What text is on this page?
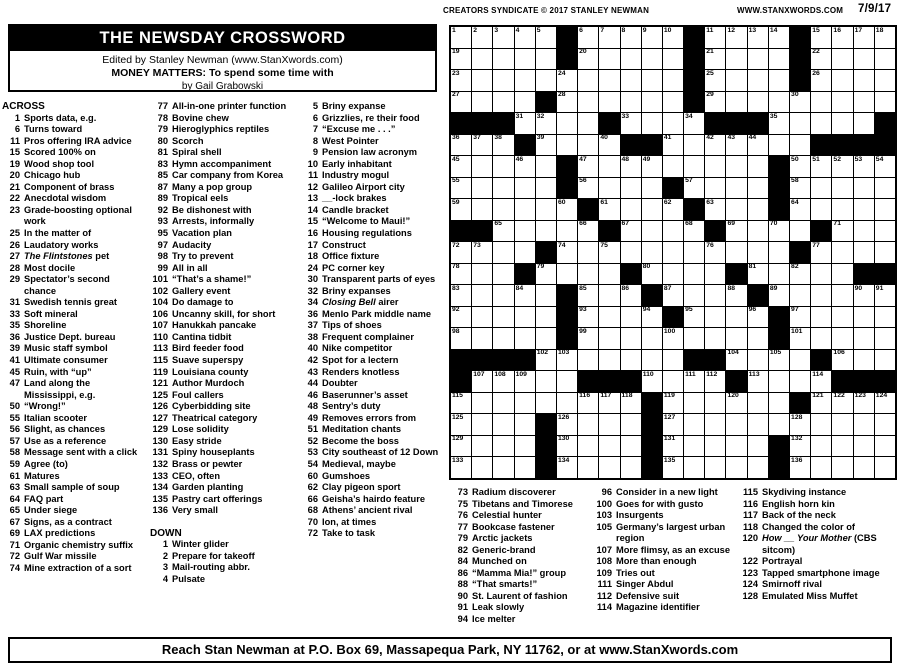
CREATORS SYNDICATE © 2017 STANLEY NEWMAN	WWW.STANXWORDS.COM 7/9/17
THE NEWSDAY CROSSWORD
Edited by Stanley Newman (www.StanXwords.com)
MONEY MATTERS: To spend some time with
by Gail Grabowski
ACROSS
1 Sports data, e.g.
6 Turns toward
11 Pros offering IRA advice
15 Scored 100% on
19 Wood shop tool
20 Chicago hub
21 Component of brass
22 Anecdotal wisdom
23 Grade-boosting optional work
25 In the matter of
26 Laudatory works
27 The Flintstones pet
28 Most docile
29 Spectator’s second chance
31 Swedish tennis great
33 Soft mineral
35 Shoreline
36 Justice Dept. bureau
39 Music staff symbol
41 Ultimate consumer
45 Ruin, with “up”
47 Land along the Mississippi, e.g.
50 “Wrong!”
55 Italian scooter
56 Slight, as chances
57 Use as a reference
58 Message sent with a click
59 Agree (to)
61 Matures
63 Small sample of soup
64 FAQ part
65 Under siege
67 Signs, as a contract
69 LAX predictions
71 Organic chemistry suffix
72 Gulf War missile
74 Mine extraction of a sort
77 All-in-one printer function
78 Bovine chew
79 Hieroglyphics reptiles
80 Scorch
81 Spiral shell
83 Hymn accompaniment
85 Car company from Korea
87 Many a pop group
89 Tropical eels
92 Be dishonest with
93 Arrests, informally
95 Vacation plan
97 Audacity
98 Try to prevent
99 All in all
101 “That’s a shame!”
102 Gallery event
104 Do damage to
106 Uncanny skill, for short
107 Hanukkah pancake
110 Cantina tidbit
113 Bird feeder food
115 Suave superspy
119 Louisiana county
121 Author Murdoch
125 Foul callers
126 Cyberbidding site
127 Theatrical category
129 Lose solidity
130 Easy stride
131 Spiny houseplants
132 Brass or pewter
133 CEO, often
134 Garden planting
135 Pastry cart offerings
136 Very small
DOWN
1 Winter glider
2 Prepare for takeoff
3 Mail-routing abbr.
4 Pulsate
5 Briny expanse
6 Grizzlies, re their food
7 “Excuse me . . .”
8 West Pointer
9 Pension law acronym
10 Early inhabitant
11 Industry mogul
12 Galileo Airport city
13 __-lock brakes
14 Candle bracket
15 “Welcome to Maui!”
16 Housing regulations
17 Construct
18 Office fixture
24 PC corner key
30 Transparent parts of eyes
32 Briny expanses
34 Closing Bell airer
36 Menlo Park middle name
37 Tips of shoes
38 Frequent complainer
40 Nike competitor
42 Spot for a lectern
43 Renders knotless
44 Doubter
46 Baserunner’s asset
48 Sentry’s duty
49 Removes errors from
51 Meditation chants
52 Become the boss
53 City southeast of 12 Down
54 Medieval, maybe
60 Gumshoes
62 Clay pigeon sport
66 Geisha’s hairdo feature
68 Athens’ ancient rival
70 Ion, at times
72 Take to task
73 Radium discoverer
75 Tibetans and Timorese
76 Celestial hunter
77 Bookcase fastener
79 Arctic jackets
82 Generic-brand
84 Munched on
86 “Mamma Mia!” group
88 “That smarts!”
90 St. Laurent of fashion
91 Leak slowly
94 Ice melter
96 Consider in a new light
100 Goes for with gusto
103 Insurgents
105 Germany’s largest urban region
107 More flimsy, as an excuse
108 More than enough
109 Tries out
111 Singer Abdul
112 Defensive suit
114 Magazine identifier
115 Skydiving instance
116 English horn kin
117 Back of the neck
118 Changed the color of
120 How __ Your Mother (CBS sitcom)
122 Portrayal
123 Tapped smartphone image
124 Smirnoff rival
128 Emulated Miss Muffet
1	2	3	4	5	6	7	8	9	10	11 12 13 14	15 16 17 18
19	20	21	22
23	24	25	26
27	28	29	30
31 32	33	34	35
36 37 38	39	40	41	42 43 44
45	46	47	48 49	50 51 52 53 54
55	56	57	58
59	60	61	62	63	64
65	66	67	68	69	70	71
72 73	74	75	76	77
78	79	80	81	82
83	84	85	86	87	88	89	90 91
92	93	94	95	96	97
98	99	100	101
102 103	104	105	106
107 108 109	110	111 112	113	114
115	116 117 118	119	120	121 122 123 124
125	126	127	128
129	130	131	132
133	134	135	136
Reach Stan Newman at P.O. Box 69, Massapequa Park, NY 11762, or at www.StanXwords.com
